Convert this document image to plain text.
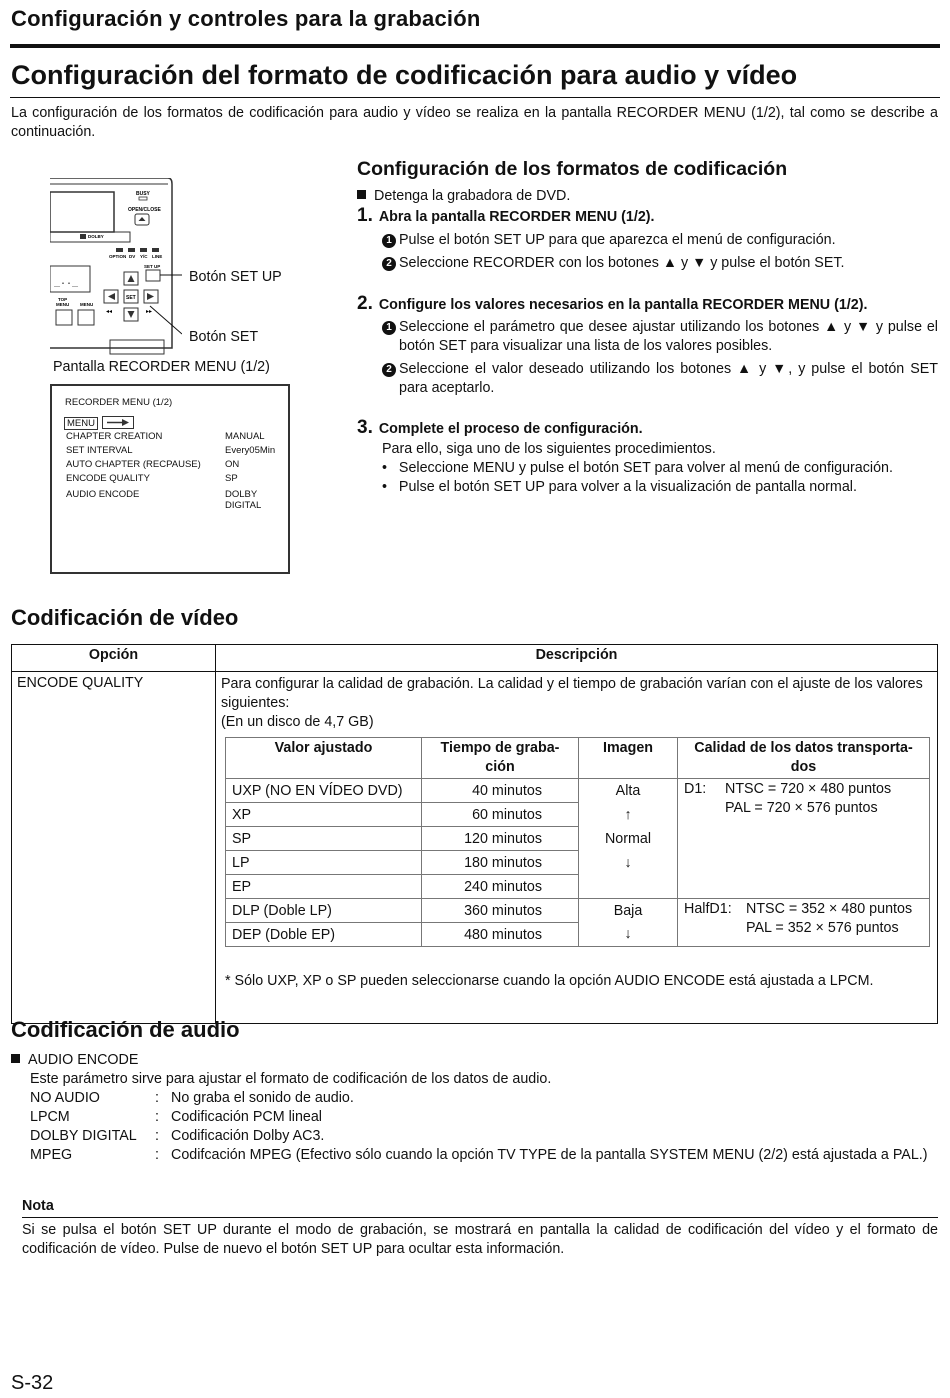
Configuración y controles para la grabación
Configuración del formato de codificación para audio y vídeo
La configuración de los formatos de codificación para audio y vídeo se realiza en la pantalla RECORDER MENU (1/2), tal como se describe a continuación.
BUSY
OPEN/CLOSE
DOLBY
OPTION DV Y/C LINE
SET UP
_.._
TOP
MENU MENU
SET
◂◂	▸▸
Botón SET UP
Botón SET
Pantalla RECORDER MENU (1/2)
RECORDER MENU (1/2)
MENU
CHAPTER CREATION	MANUAL
SET INTERVAL	Every05Min
AUTO CHAPTER (RECPAUSE)	ON
ENCODE QUALITY	SP
AUDIO ENCODE	DOLBY DIGITAL
Configuración de los formatos de codificación
Detenga la grabadora de DVD.
1. Abra la pantalla RECORDER MENU (1/2).
1 Pulse el botón SET UP para que aparezca el menú de configuración.
2 Seleccione RECORDER con los botones ▲ y ▼ y pulse el botón SET.
2. Configure los valores necesarios en la pantalla RECORDER MENU (1/2).
1 Seleccione el parámetro que desee ajustar utilizando los botones ▲ y ▼ y pulse el botón SET para visualizar una lista de los valores posibles.
2 Seleccione el valor deseado utilizando los botones ▲ y ▼, y pulse el botón SET para aceptarlo.
3. Complete el proceso de configuración.
Para ello, siga uno de los siguientes procedimientos.
•   Seleccione MENU y pulse el botón SET para volver al menú de configuración.
•   Pulse el botón SET UP para volver a la visualización de pantalla normal.
Codificación de vídeo
Opción	Descripción
ENCODE QUALITY	Para configurar la calidad de grabación. La calidad y el tiempo de grabación varían con el ajuste de los valores siguientes:
(En un disco de 4,7 GB)
Valor ajustado	Tiempo de graba-ción	Imagen	Calidad de los datos transporta-dos
UXP (NO EN VÍDEO DVD)	40 minutos	Alta	D1: NTSC = 720 × 480 puntos
PAL = 720 × 576 puntos

XP	60 minutos	↑	
SP	120 minutos	Normal	
LP	180 minutos	↓	
EP	240 minutos		
DLP (Doble LP)	360 minutos	Baja	HalfD1: NTSC = 352 × 480 puntos
PAL = 352 × 576 puntos

DEP (Doble EP)	480 minutos	↓	
* Sólo UXP, XP o SP pueden seleccionarse cuando la opción AUDIO ENCODE está ajustada a LPCM.
Codificación de audio
AUDIO ENCODE
Este parámetro sirve para ajustar el formato de codificación de los datos de audio.
NO AUDIO	: No graba el sonido de audio.
LPCM	: Codificación PCM lineal
DOLBY DIGITAL	: Codificación Dolby AC3.
MPEG	: Codifcación MPEG (Efectivo sólo cuando la opción TV TYPE de la pantalla SYSTEM MENU (2/2) está ajustada a PAL.)
Nota
Si se pulsa el botón SET UP durante el modo de grabación, se mostrará en pantalla la calidad de codificación del vídeo y el formato de codificación de vídeo. Pulse de nuevo el botón SET UP para ocultar esta información.
S-32
